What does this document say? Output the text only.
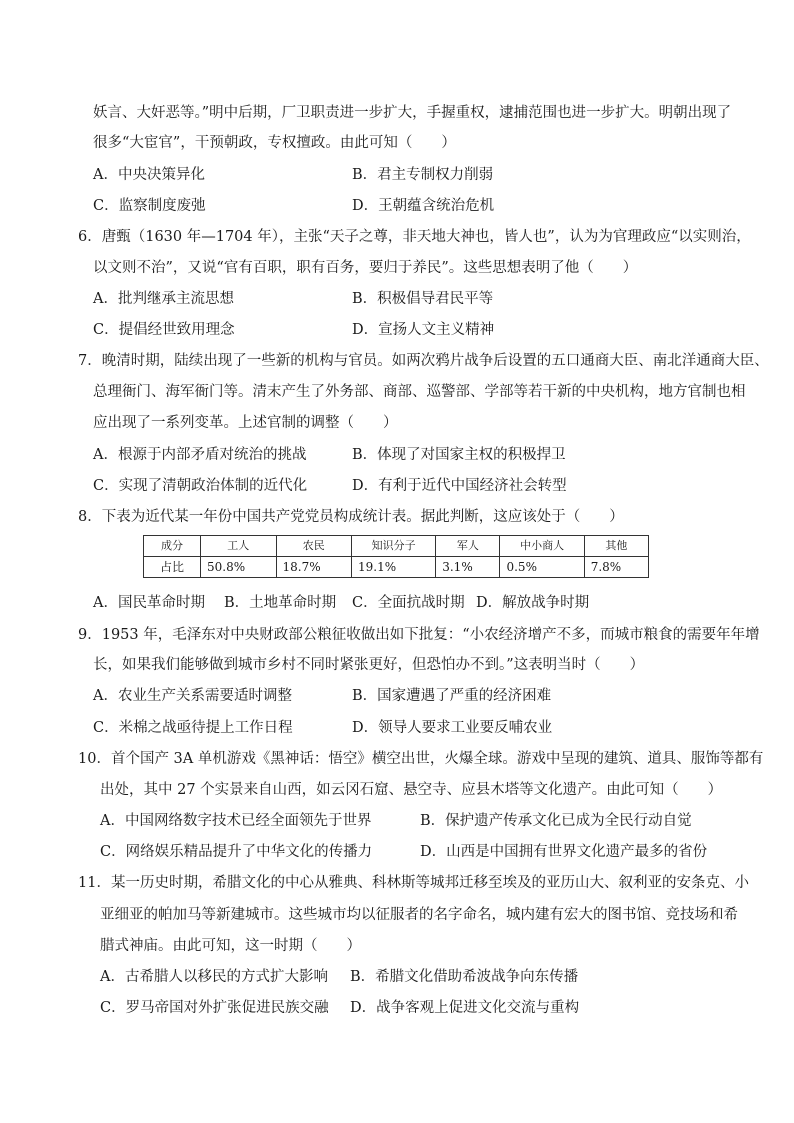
妖言、大奸恶等。”明中后期，厂卫职责进一步扩大，手握重权，逮捕范围也进一步扩大。明朝出现了
很多“大宦官”，干预朝政，专权擅政。由此可知（　　）
A．中央决策异化	B．君主专制权力削弱
C．监察制度废弛	D．王朝蕴含统治危机
6．唐甄（1630 年—1704 年），主张“天子之尊，非天地大神也，皆人也”，认为为官理政应“以实则治，
以文则不治”，又说“官有百职，职有百务，要归于养民”。这些思想表明了他（　　）
A．批判继承主流思想	B．积极倡导君民平等
C．提倡经世致用理念	D．宣扬人文主义精神
7．晚清时期，陆续出现了一些新的机构与官员。如两次鸦片战争后设置的五口通商大臣、南北洋通商大臣、
总理衙门、海军衙门等。清末产生了外务部、商部、巡警部、学部等若干新的中央机构，地方官制也相
应出现了一系列变革。上述官制的调整（　　）
A．根源于内部矛盾对统治的挑战	B．体现了对国家主权的积极捍卫
C．实现了清朝政治体制的近代化	D．有利于近代中国经济社会转型
8．下表为近代某一年份中国共产党党员构成统计表。据此判断，这应该处于（　　）
成分	工人	农民	知识分子	军人	中小商人	其他
占比	50.8%	18.7%	19.1%	3.1%	0.5%	7.8%
A．国民革命时期 B．土地革命时期 C．全面抗战时期 D．解放战争时期
9．1953 年，毛泽东对中央财政部公粮征收做出如下批复：“小农经济增产不多，而城市粮食的需要年年增
长，如果我们能够做到城市乡村不同时紧张更好，但恐怕办不到。”这表明当时（　　）
A．农业生产关系需要适时调整	B．国家遭遇了严重的经济困难
C．米棉之战亟待提上工作日程	D．领导人要求工业要反哺农业
10．首个国产 3A 单机游戏《黑神话：悟空》横空出世，火爆全球。游戏中呈现的建筑、道具、服饰等都有
出处，其中 27 个实景来自山西，如云冈石窟、悬空寺、应县木塔等文化遗产。由此可知（　　）
A．中国网络数字技术已经全面领先于世界	B．保护遗产传承文化已成为全民行动自觉
C．网络娱乐精品提升了中华文化的传播力	D．山西是中国拥有世界文化遗产最多的省份
11．某一历史时期，希腊文化的中心从雅典、科林斯等城邦迁移至埃及的亚历山大、叙利亚的安条克、小
亚细亚的帕加马等新建城市。这些城市均以征服者的名字命名，城内建有宏大的图书馆、竞技场和希
腊式神庙。由此可知，这一时期（　　）
A．古希腊人以移民的方式扩大影响 B．希腊文化借助希波战争向东传播
C．罗马帝国对外扩张促进民族交融 D．战争客观上促进文化交流与重构
